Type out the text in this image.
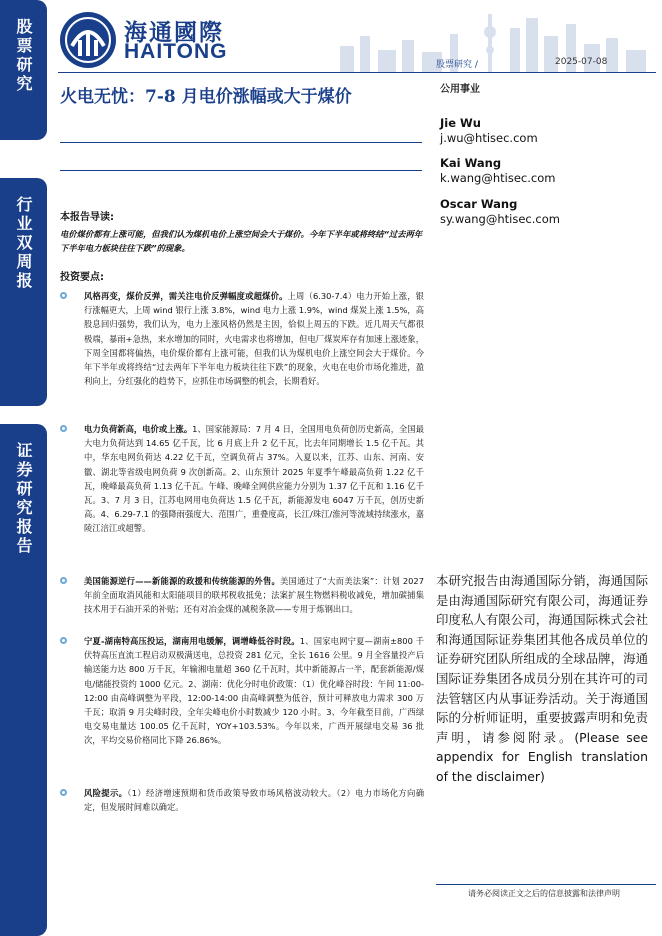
股票研究
行业双周报
证券研究报告
海通國際
HAITONG
股票研究 /	2025-07-08
火电无忧：7-8 月电价涨幅或大于煤价	公用事业
Jie Wu
j.wu@htisec.com
Kai Wang
k.wang@htisec.com
Oscar Wang
sy.wang@htisec.com
本报告导读:
电价煤价都有上涨可能，但我们认为煤机电价上涨空间会大于煤价。今年下半年或将终结“过去两年下半年电力板块往往下跌”的现象。
投资要点:
风格再变，煤价反弹，需关注电价反弹幅度或超煤价。上周（6.30-7.4）电力开始上涨，银行涨幅更大，上周 wind 银行上涨 3.8%，wind 电力上涨 1.9%，wind 煤炭上涨 1.5%，高股息回归强势，我们认为，电力上涨风格仍然是主因，恰似上周五的下跌。近几周天气都很极端，暴雨+急热，来水增加的同时，火电需求也将增加，但电厂煤炭库存有加速上涨迹象，下周全国都将偏热，电价煤价都有上涨可能，但我们认为煤机电价上涨空间会大于煤价。今年下半年或将终结“过去两年下半年电力板块往往下跌”的现象，火电在电价市场化推进，盈利向上，分红强化的趋势下，应抓住市场调整的机会，长期看好。
电力负荷新高，电价或上涨。1、国家能源局：7 月 4 日，全国用电负荷创历史新高，全国最大电力负荷达到 14.65 亿千瓦，比 6 月底上升 2 亿千瓦，比去年同期增长 1.5 亿千瓦。其中，华东电网负荷达 4.22 亿千瓦，空调负荷占 37%。入夏以来，江苏、山东、河南、安徽、湖北等省级电网负荷 9 次创新高。2、山东预计 2025 年夏季午峰最高负荷 1.22 亿千瓦，晚峰最高负荷 1.13 亿千瓦。午峰、晚峰全网供应能力分别为 1.37 亿千瓦和 1.16 亿千瓦。3、7 月 3 日，江苏电网用电负荷达 1.5 亿千瓦，新能源发电 6047 万千瓦，创历史新高。4、6.29-7.1 的强降雨强度大、范围广，重叠度高，长江/珠江/淮河等流域持续涨水，嘉陵江涪江或超警。
美国能源逆行——新能源的政援和传统能源的外售。美国通过了“大而美法案”：计划 2027 年前全面取消风能和太阳能项目的联邦税收抵免；法案扩展生物燃料税收减免，增加碳捕集技术用于石油开采的补贴；还有对冶金煤的减税条款——专用于炼钢出口。
宁夏-湖南特高压投运，湖南用电缓解，调增峰低谷时段。1、国家电网宁夏—湖南±800 千伏特高压直流工程启动双极满送电，总投资 281 亿元，全长 1616 公里。9 月全容量投产后输送能力达 800 万千瓦，年输湘电量超 360 亿千瓦时，其中新能源占一半，配套新能源/煤电/储能投资约 1000 亿元。2、湖南：优化分时电价政策：（1）优化峰谷时段：午间 11:00-12:00 由高峰调整为平段，12:00-14:00 由高峰调整为低谷，预计可释放电力需求 300 万千瓦；取消 9 月尖峰时段，全年尖峰电价小时数减少 120 小时。3、今年截至目前，广西绿电交易电量达 100.05 亿千瓦时，YOY+103.53%。今年以来，广西开展绿电交易 36 批次，平均交易价格同比下降 26.86%。
风险提示。（1）经济增速预期和货币政策导致市场风格波动较大。（2）电力市场化方向确定，但发展时间难以确定。
本研究报告由海通国际分销，海通国际是由海通国际研究有限公司，海通证券印度私人有限公司，海通国际株式会社和海通国际证券集团其他各成员单位的证券研究团队所组成的全球品牌，海通国际证券集团各成员分别在其许可的司法管辖区内从事证券活动。关于海通国际的分析师证明，重要披露声明和免责声明，请参阅附录。(Please see appendix for English translation of the disclaimer)
请务必阅读正文之后的信息披露和法律声明
